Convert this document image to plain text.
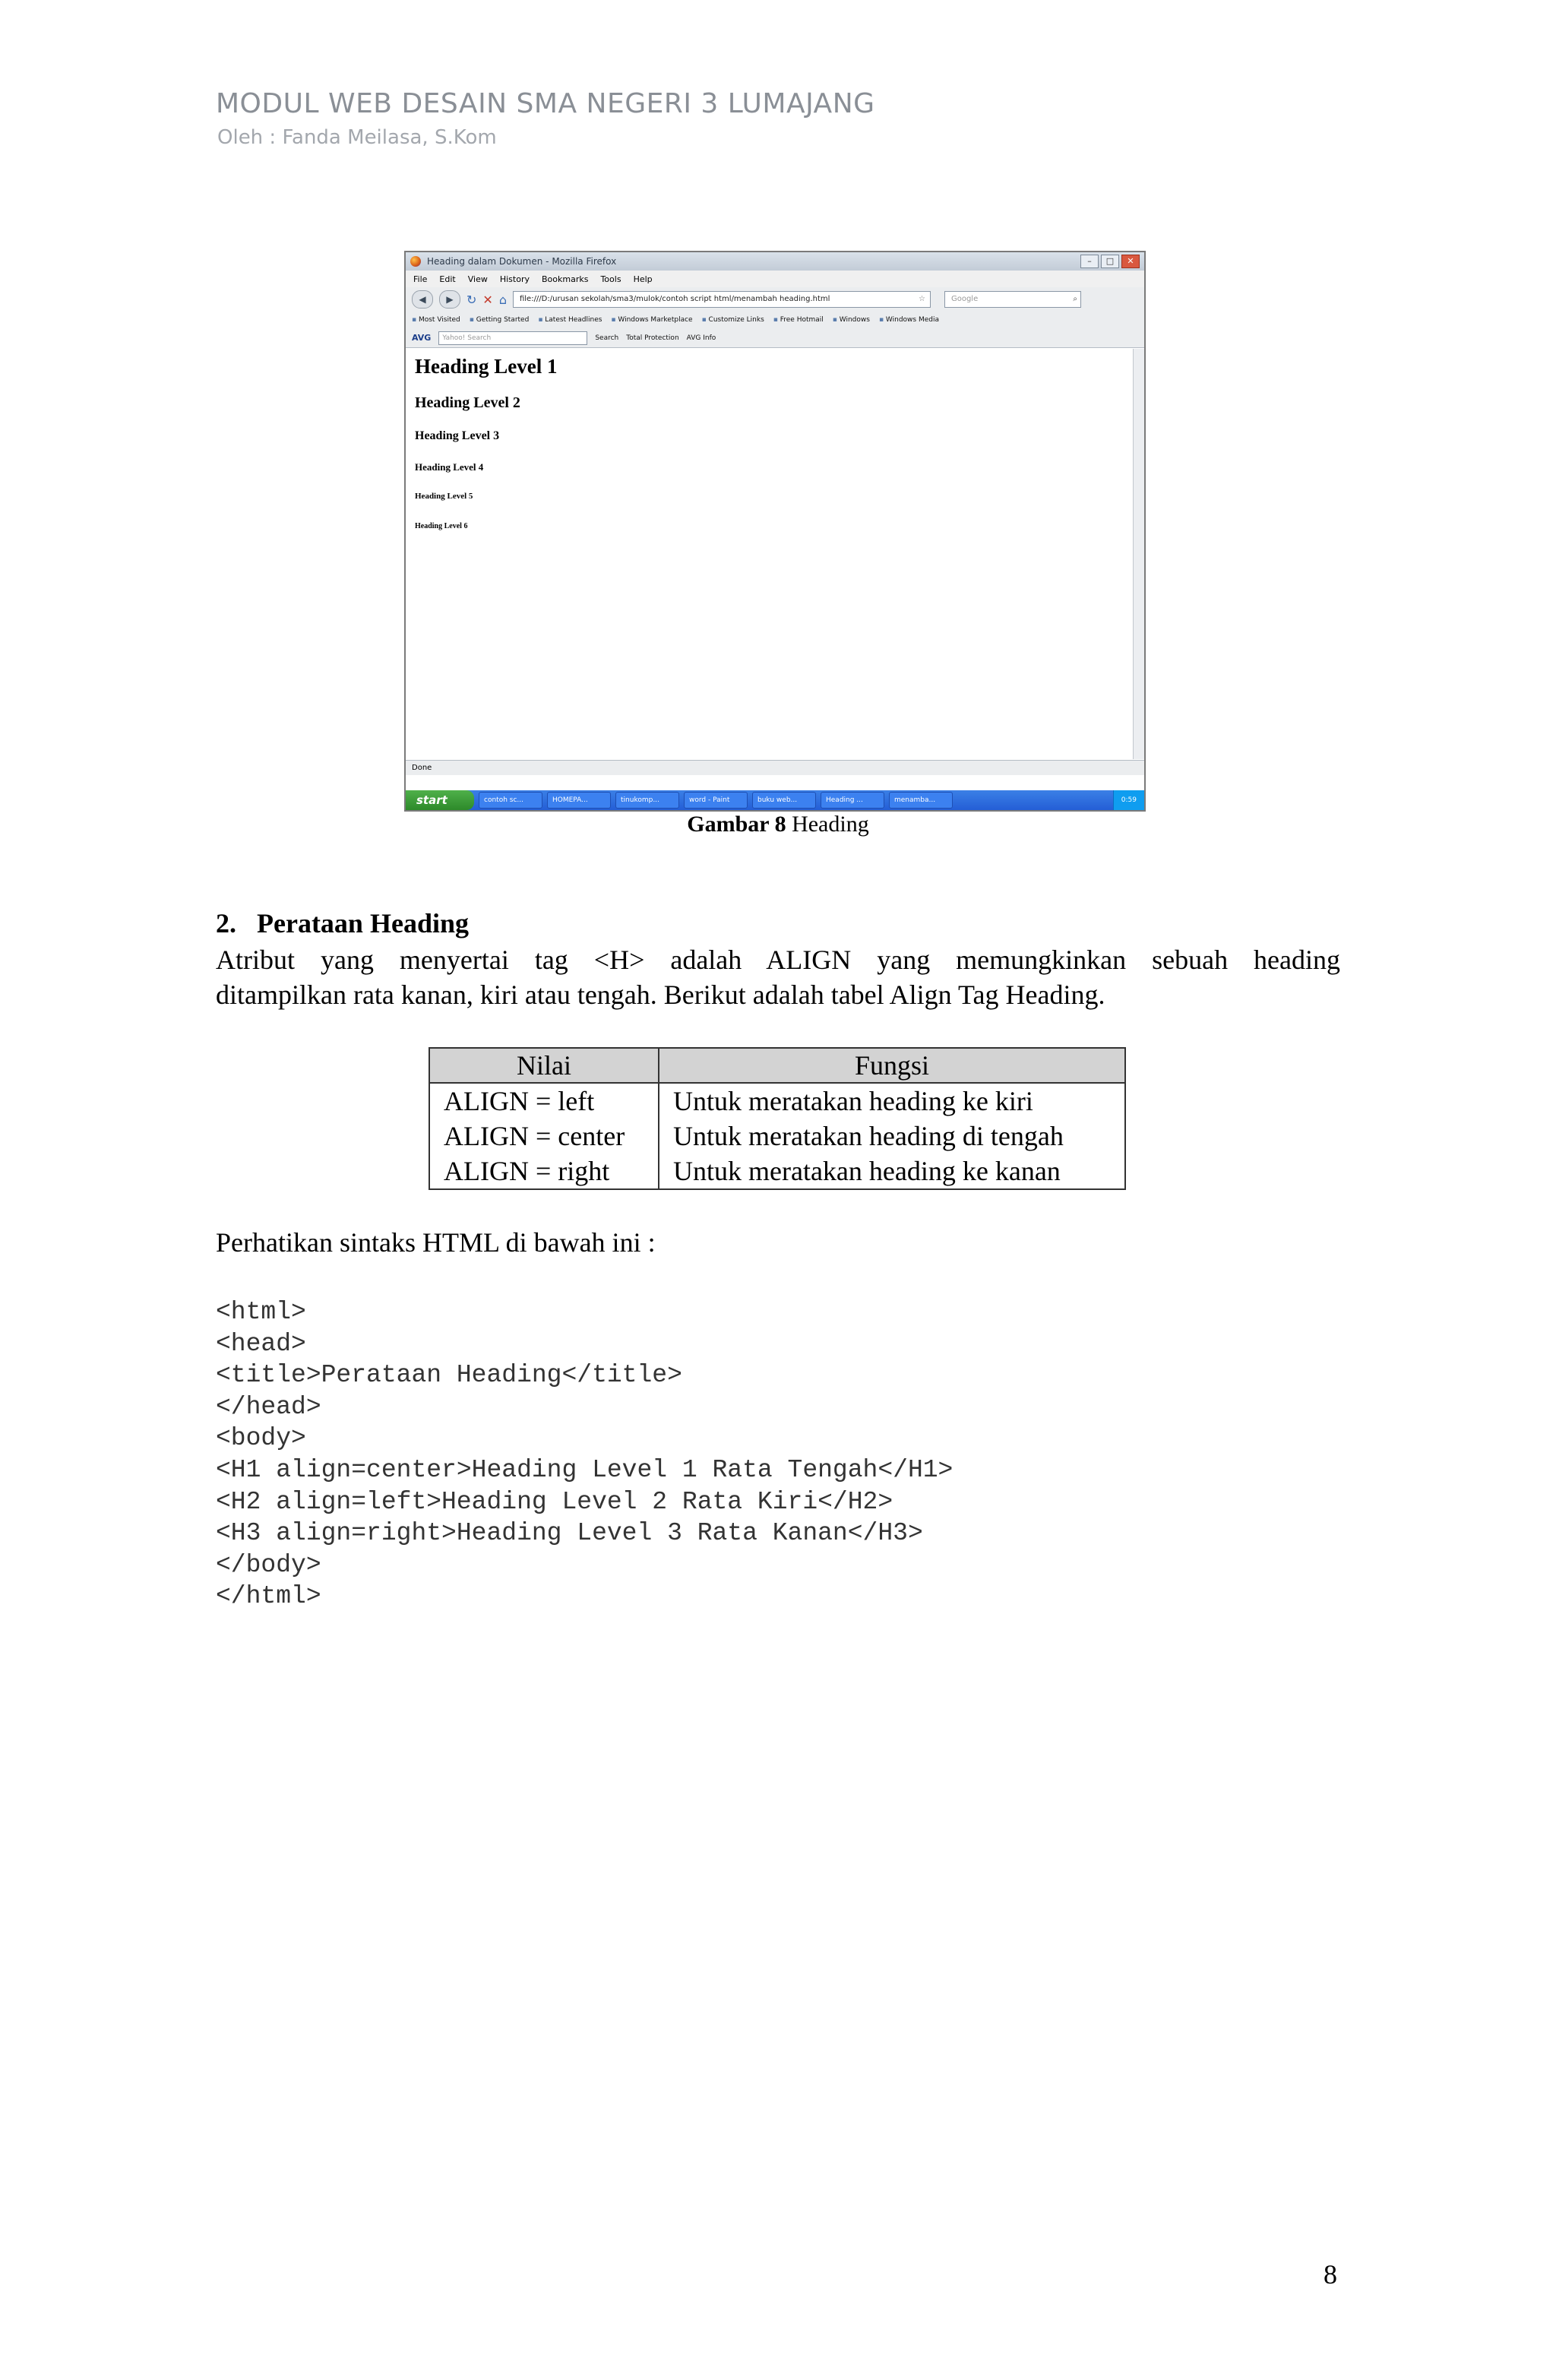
MODUL WEB DESAIN SMA NEGERI 3 LUMAJANG
Oleh : Fanda Meilasa, S.Kom
Heading dalam Dokumen - Mozilla Firefox	–	□	✕
File Edit View History Bookmarks Tools Help
◀	▶	↻ ✕ ⌂	file:///D:/urusan sekolah/sma3/mulok/contoh script html/menambah heading.html	☆	Google	⌕
▪ Most Visited	▪ Getting Started	▪ Latest Headlines	▪ Windows Marketplace	▪ Customize Links	▪ Free Hotmail	▪ Windows	▪ Windows Media
AVG	Yahoo! Search	Search Total Protection AVG Info
Heading Level 1
Heading Level 2
Heading Level 3
Heading Level 4
Heading Level 5
Heading Level 6
Done
start	contoh sc...	HOMEPA...	tinukomp...	word - Paint	buku web...	Heading ...	menamba...	0:59
Gambar 8 Heading
2.   Perataan Heading
Atribut yang menyertai tag <H> adalah ALIGN yang memungkinkan sebuah heading
ditampilkan rata kanan, kiri atau tengah. Berikut adalah tabel Align Tag Heading.
Nilai	Fungsi
ALIGN = left	Untuk meratakan heading ke kiri
ALIGN = center	Untuk meratakan heading di tengah
ALIGN = right	Untuk meratakan heading ke kanan
Perhatikan sintaks HTML di bawah ini :
<html>
<head>
<title>Perataan Heading</title>
</head>
<body>
<H1 align=center>Heading Level 1 Rata Tengah</H1>
<H2 align=left>Heading Level 2 Rata Kiri</H2>
<H3 align=right>Heading Level 3 Rata Kanan</H3>
</body>
</html>
8
